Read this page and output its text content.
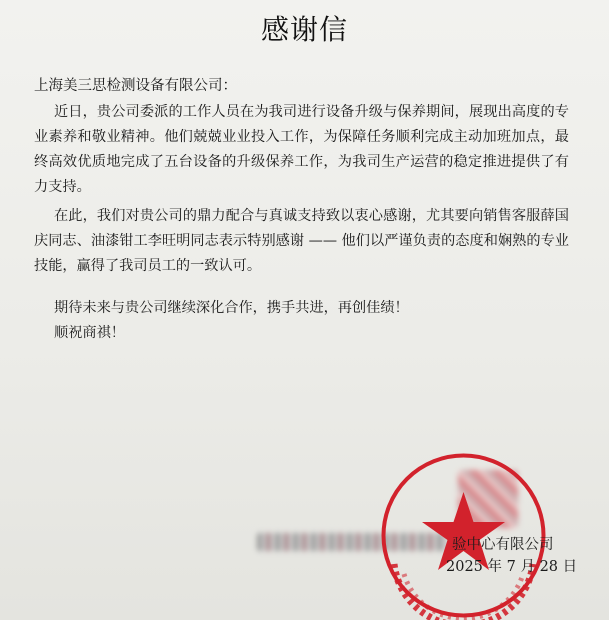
感谢信
上海美三思检测设备有限公司：
近日，贵公司委派的工作人员在为我司进行设备升级与保养期间，展现出高度的专业素养和敬业精神。他们兢兢业业投入工作，为保障任务顺利完成主动加班加点，最终高效优质地完成了五台设备的升级保养工作，为我司生产运营的稳定推进提供了有力支持。
在此，我们对贵公司的鼎力配合与真诚支持致以衷心感谢，尤其要向销售客服薛国庆同志、油漆钳工李旺明同志表示特别感谢 —— 他们以严谨负责的态度和娴熟的专业技能，赢得了我司员工的一致认可。
期待未来与贵公司继续深化合作，携手共进，再创佳绩！
顺祝商祺！
验中心有限公司
2025 年 7 月 28 日
